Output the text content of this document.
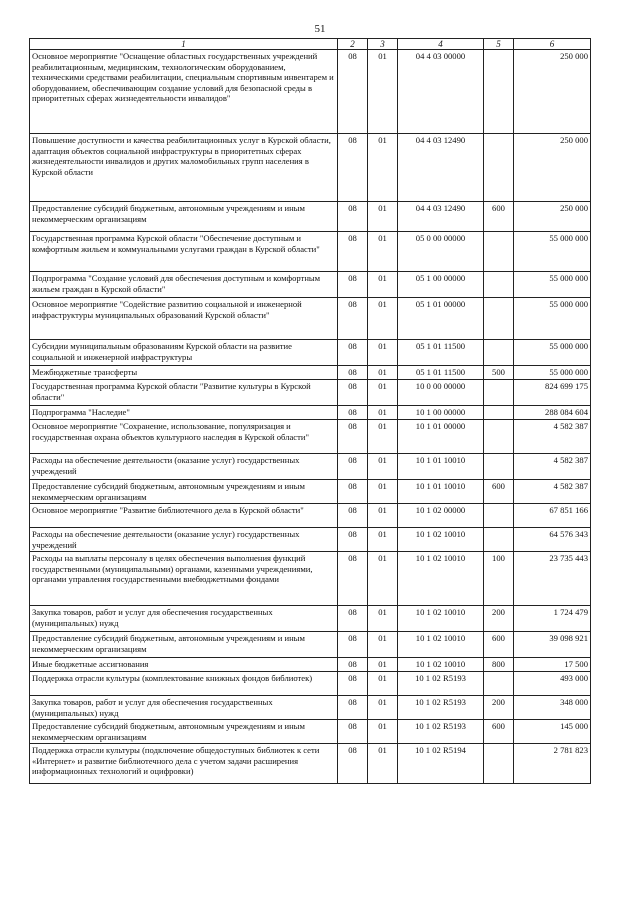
51
1	2	3	4	5	6
Основное мероприятие "Оснащение областных государственных учреждений реабилитационным, медицинским, технологическим оборудованием, техническими средствами реабилитации, специальным спортивным инвентарем и оборудованием, обеспечивающим создание условий для безопасной среды в приоритетных сферах жизнедеятельности инвалидов"	08	01	04 4 03 00000		250 000
Повышение доступности и качества реабилитационных услуг в Курской области, адаптация объектов социальной инфраструктуры в приоритетных сферах жизнедеятельности инвалидов и других маломобильных групп населения в Курской области	08	01	04 4 03 12490		250 000
Предоставление субсидий бюджетным, автономным учреждениям и иным некоммерческим организациям	08	01	04 4 03 12490	600	250 000
Государственная программа Курской области "Обеспечение доступным и комфортным жильем и коммунальными услугами граждан в Курской области"	08	01	05 0 00 00000		55 000 000
Подпрограмма "Создание условий для обеспечения доступным и комфортным жильем граждан в Курской области"	08	01	05 1 00 00000		55 000 000
Основное мероприятие "Содействие развитию социальной и инженерной инфраструктуры муниципальных образований Курской области"	08	01	05 1 01 00000		55 000 000
Субсидии муниципальным образованиям Курской области на развитие социальной и инженерной инфраструктуры	08	01	05 1 01 11500		55 000 000
Межбюджетные трансферты	08	01	05 1 01 11500	500	55 000 000
Государственная программа Курской области "Развитие культуры в Курской области"	08	01	10 0 00 00000		824 699 175
Подпрограмма "Наследие"	08	01	10 1 00 00000		288 084 604
Основное мероприятие "Сохранение, использование, популяризация и государственная охрана объектов культурного наследия в Курской области"	08	01	10 1 01 00000		4 582 387
Расходы на обеспечение деятельности (оказание услуг) государственных учреждений	08	01	10 1 01 10010		4 582 387
Предоставление субсидий бюджетным, автономным учреждениям и иным некоммерческим организациям	08	01	10 1 01 10010	600	4 582 387
Основное мероприятие "Развитие библиотечного дела в Курской области"	08	01	10 1 02 00000		67 851 166
Расходы на обеспечение деятельности (оказание услуг) государственных учреждений	08	01	10 1 02 10010		64 576 343
Расходы на выплаты персоналу в целях обеспечения выполнения функций государственными (муниципальными) органами, казенными учреждениями, органами управления государственными внебюджетными фондами	08	01	10 1 02 10010	100	23 735 443
Закупка товаров, работ и услуг для обеспечения государственных (муниципальных) нужд	08	01	10 1 02 10010	200	1 724 479
Предоставление субсидий бюджетным, автономным учреждениям и иным некоммерческим организациям	08	01	10 1 02 10010	600	39 098 921
Иные бюджетные ассигнования	08	01	10 1 02 10010	800	17 500
Поддержка отрасли культуры (комплектование книжных фондов библиотек)	08	01	10 1 02 R5193		493 000
Закупка товаров, работ и услуг для обеспечения государственных (муниципальных) нужд	08	01	10 1 02 R5193	200	348 000
Предоставление субсидий бюджетным, автономным учреждениям и иным некоммерческим организациям	08	01	10 1 02 R5193	600	145 000
Поддержка отрасли культуры (подключение общедоступных библиотек к сети «Интернет» и развитие библиотечного дела с учетом задачи расширения информационных технологий и оцифровки)	08	01	10 1 02 R5194		2 781 823
